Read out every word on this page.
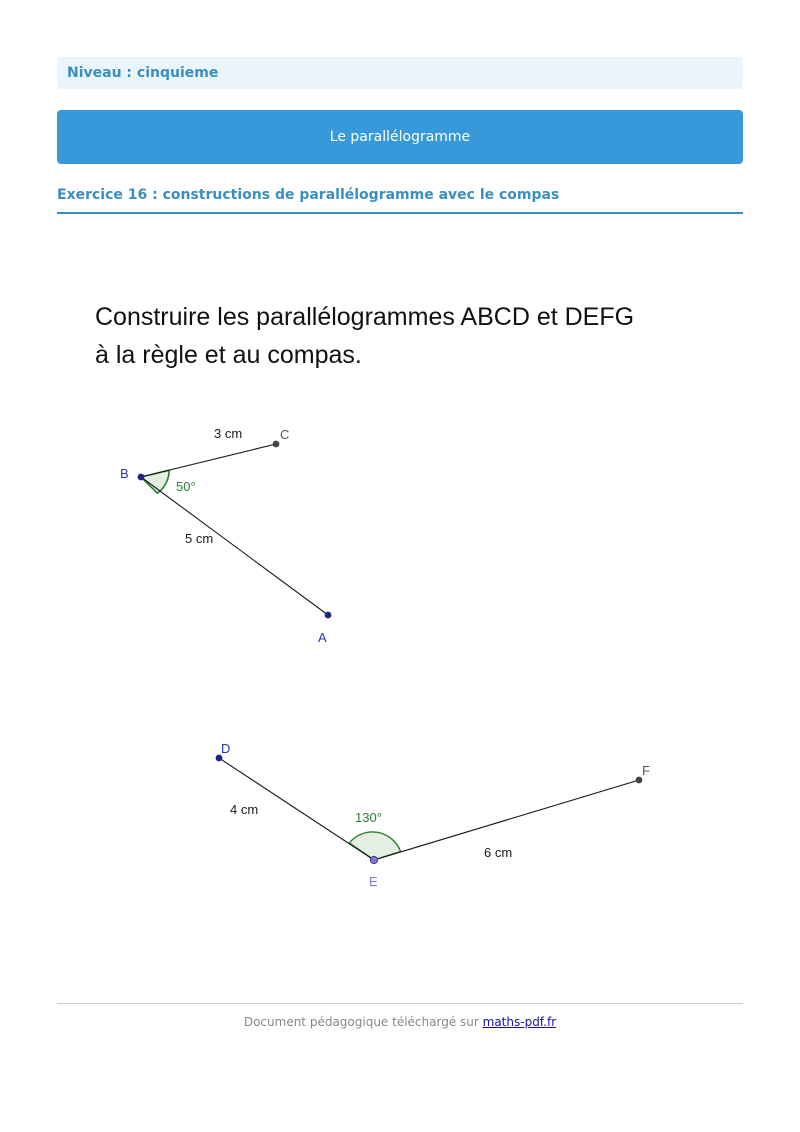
Niveau : cinquieme
Le parallélogramme
Exercice 16 : constructions de parallélogramme avec le compas
Construire les parallélogrammes ABCD et DEFG
à la règle et au compas.
B
C
A
3 cm
5 cm
50°
D
E
F
4 cm
6 cm
130°
Document pédagogique téléchargé sur maths-pdf.fr
